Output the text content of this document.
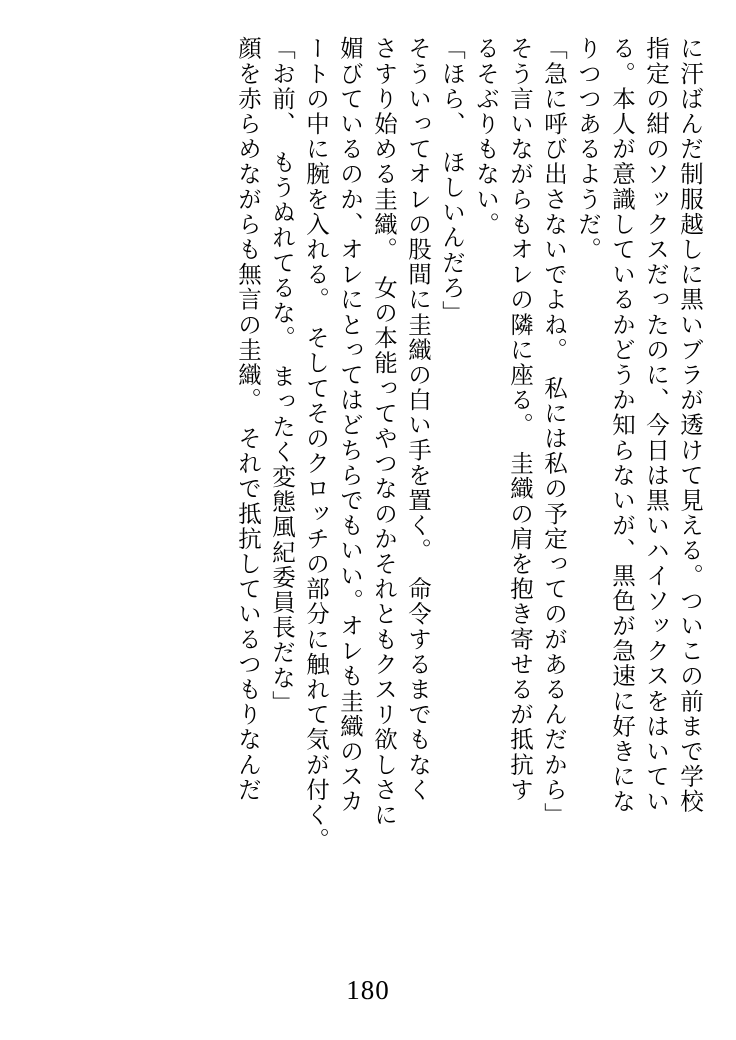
に汗ばんだ制服越しに黒いブラが透けて見える。ついこの前まで学校
指定の紺のソックスだったのに、今日は黒いハイソックスをはいてい
る。本人が意識しているかどうか知らないが、黒色が急速に好きにな
りつつあるようだ。
「急に呼び出さないでよね。　私には私の予定ってのがあるんだから」
そう言いながらもオレの隣に座る。　圭織の肩を抱き寄せるが抵抗す
るそぶりもない。
「ほら、　ほしいんだろ」
そういってオレの股間に圭織の白い手を置く。　命令するまでもなく
さすり始める圭織。　女の本能ってやつなのかそれともクスリ欲しさに
媚びているのか、オレにとってはどちらでもいい。オレも圭織のスカ
ートの中に腕を入れる。　そしてそのクロッチの部分に触れて気が付く。
「お前、　もうぬれてるな。　まったく変態風紀委員長だな」
顔を赤らめながらも無言の圭織。　それで抵抗しているつもりなんだ
180
